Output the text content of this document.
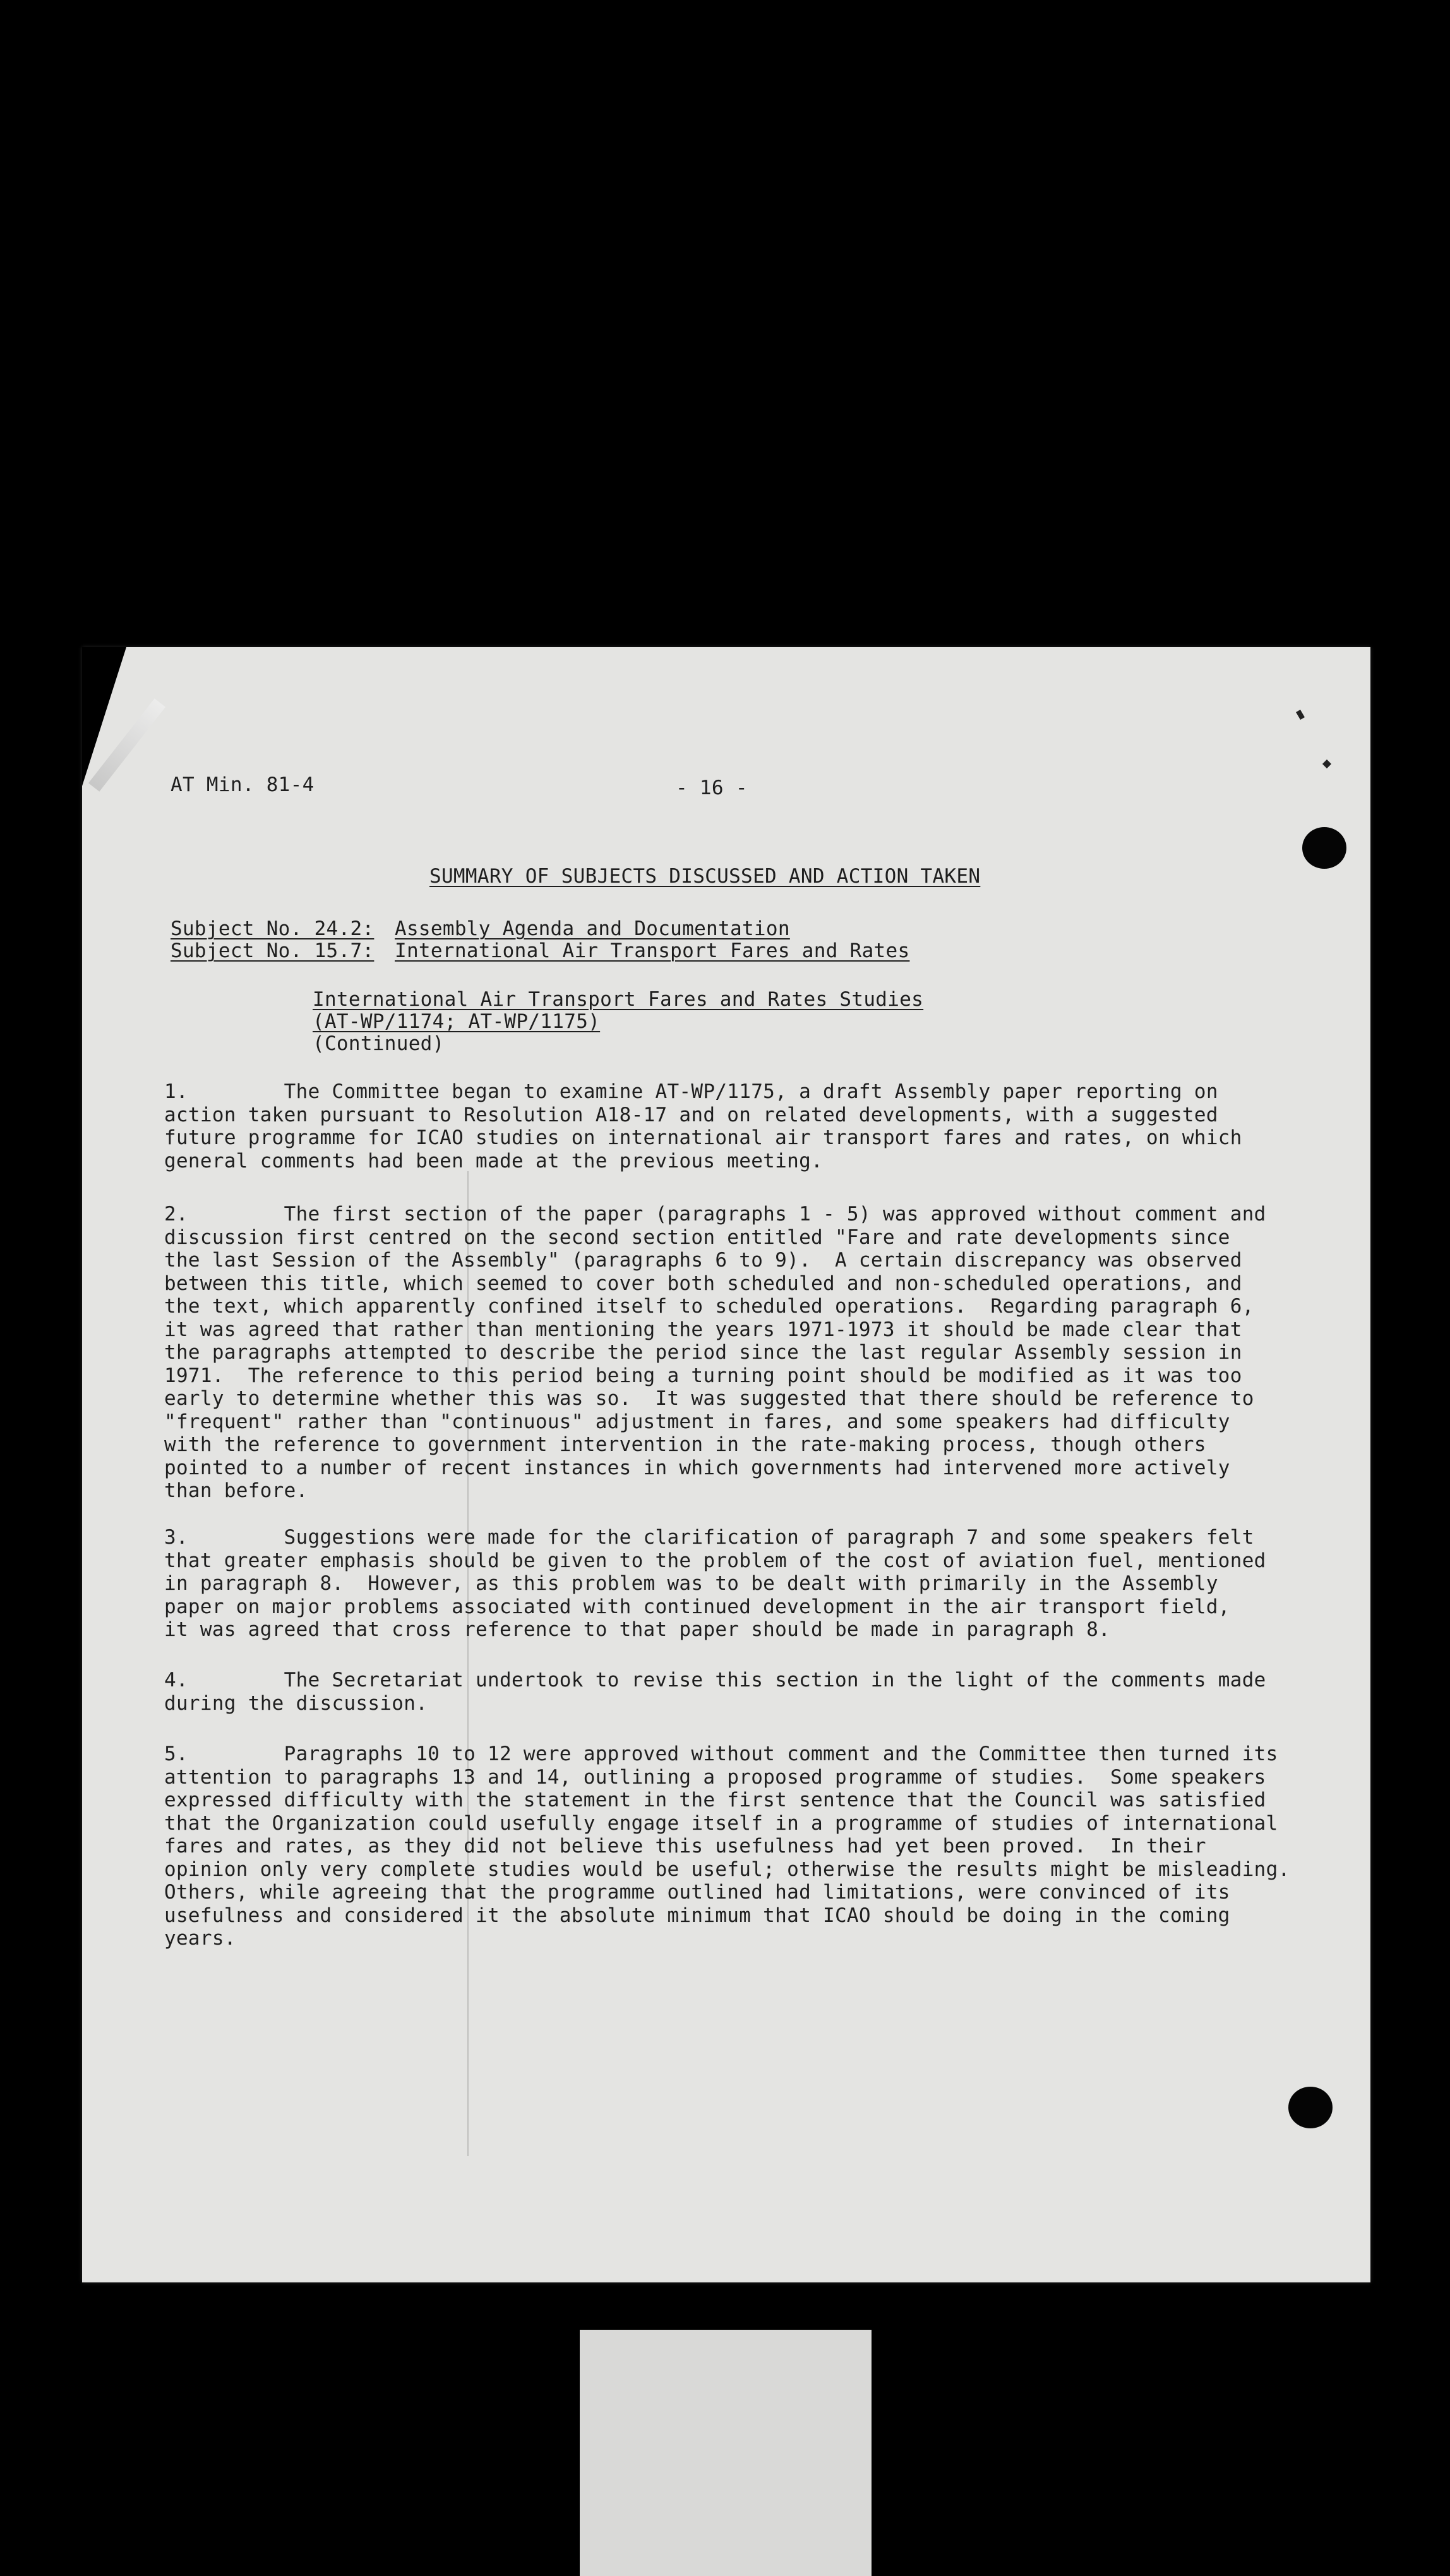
AT Min. 81-4	- 16 -
SUMMARY OF SUBJECTS DISCUSSED AND ACTION TAKEN
Subject No. 24.2: Assembly Agenda and Documentation
Subject No. 15.7: International Air Transport Fares and Rates
International Air Transport Fares and Rates Studies
(AT-WP/1174; AT-WP/1175)
(Continued)
1.        The Committee began to examine AT-WP/1175, a draft Assembly paper reporting on
action taken pursuant to Resolution A18-17 and on related developments, with a suggested
future programme for ICAO studies on international air transport fares and rates, on which
general comments had been made at the previous meeting.
2.        The first section of the paper (paragraphs 1 - 5) was approved without comment and
discussion first centred on the second section entitled "Fare and rate developments since
the last Session of the Assembly" (paragraphs 6 to 9).  A certain discrepancy was observed
between this title, which seemed to cover both scheduled and non-scheduled operations, and
the text, which apparently confined itself to scheduled operations.  Regarding paragraph 6,
it was agreed that rather than mentioning the years 1971-1973 it should be made clear that
the paragraphs attempted to describe the period since the last regular Assembly session in
1971.  The reference to this period being a turning point should be modified as it was too
early to determine whether this was so.  It was suggested that there should be reference to
"frequent" rather than "continuous" adjustment in fares, and some speakers had difficulty
with the reference to government intervention in the rate-making process, though others
pointed to a number of recent instances in which governments had intervened more actively
than before.
3.        Suggestions were made for the clarification of paragraph 7 and some speakers felt
that greater emphasis should be given to the problem of the cost of aviation fuel, mentioned
in paragraph 8.  However, as this problem was to be dealt with primarily in the Assembly
paper on major problems associated with continued development in the air transport field,
it was agreed that cross reference to that paper should be made in paragraph 8.
4.        The Secretariat undertook to revise this section in the light of the comments made
during the discussion.
5.        Paragraphs 10 to 12 were approved without comment and the Committee then turned its
attention to paragraphs 13 and 14, outlining a proposed programme of studies.  Some speakers
expressed difficulty with the statement in the first sentence that the Council was satisfied
that the Organization could usefully engage itself in a programme of studies of international
fares and rates, as they did not believe this usefulness had yet been proved.  In their
opinion only very complete studies would be useful; otherwise the results might be misleading.
Others, while agreeing that the programme outlined had limitations, were convinced of its
usefulness and considered it the absolute minimum that ICAO should be doing in the coming
years.
